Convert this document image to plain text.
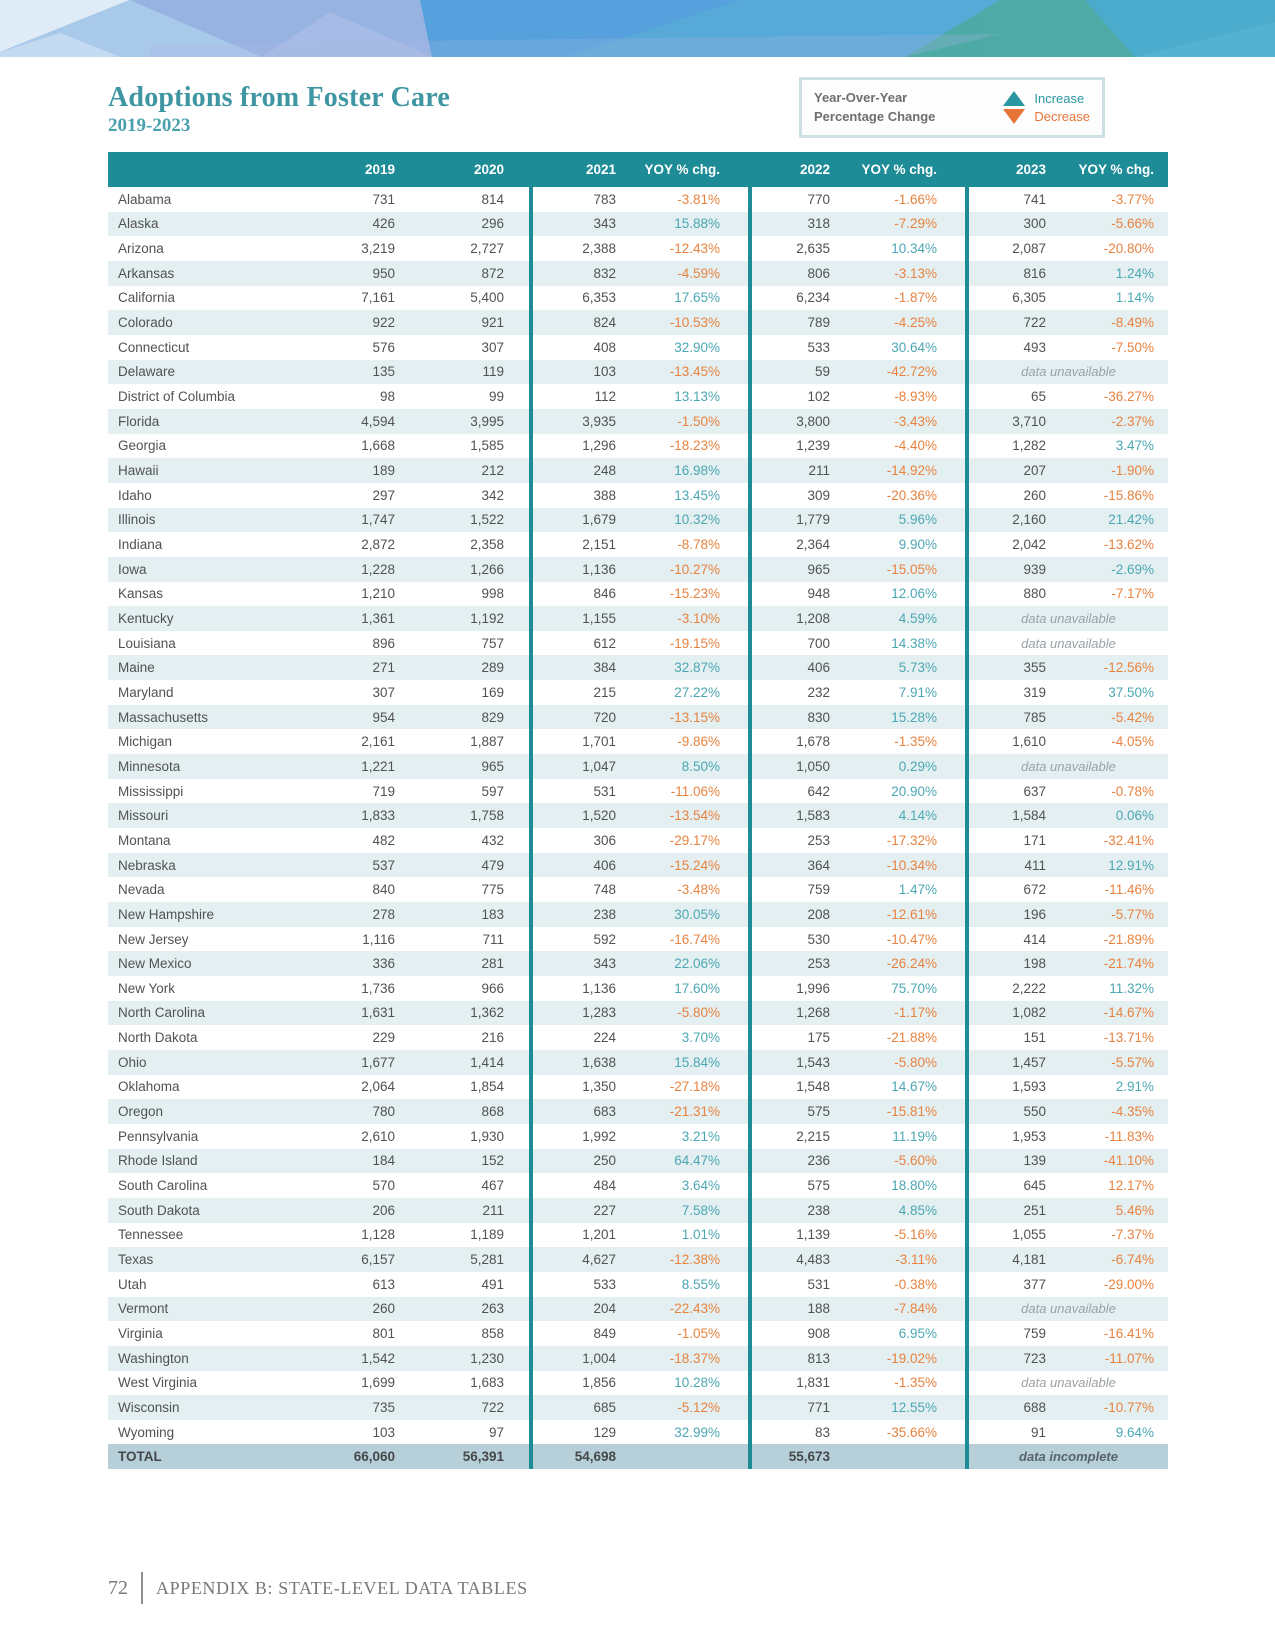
Adoptions from Foster Care
2019-2023
Year-Over-Year
Percentage Change
Increase
Decrease
	2019	2020	2021	YOY % chg.	2022	YOY % chg.	2023	YOY % chg.
Alabama	731	814	783	-3.81%	770	-1.66%	741	-3.77%
Alaska	426	296	343	15.88%	318	-7.29%	300	-5.66%
Arizona	3,219	2,727	2,388	-12.43%	2,635	10.34%	2,087	-20.80%
Arkansas	950	872	832	-4.59%	806	-3.13%	816	1.24%
California	7,161	5,400	6,353	17.65%	6,234	-1.87%	6,305	1.14%
Colorado	922	921	824	-10.53%	789	-4.25%	722	-8.49%
Connecticut	576	307	408	32.90%	533	30.64%	493	-7.50%
Delaware	135	119	103	-13.45%	59	-42.72%	data unavailable	
District of Columbia	98	99	112	13.13%	102	-8.93%	65	-36.27%
Florida	4,594	3,995	3,935	-1.50%	3,800	-3.43%	3,710	-2.37%
Georgia	1,668	1,585	1,296	-18.23%	1,239	-4.40%	1,282	3.47%
Hawaii	189	212	248	16.98%	211	-14.92%	207	-1.90%
Idaho	297	342	388	13.45%	309	-20.36%	260	-15.86%
Illinois	1,747	1,522	1,679	10.32%	1,779	5.96%	2,160	21.42%
Indiana	2,872	2,358	2,151	-8.78%	2,364	9.90%	2,042	-13.62%
Iowa	1,228	1,266	1,136	-10.27%	965	-15.05%	939	-2.69%
Kansas	1,210	998	846	-15.23%	948	12.06%	880	-7.17%
Kentucky	1,361	1,192	1,155	-3.10%	1,208	4.59%	data unavailable	
Louisiana	896	757	612	-19.15%	700	14.38%	data unavailable	
Maine	271	289	384	32.87%	406	5.73%	355	-12.56%
Maryland	307	169	215	27.22%	232	7.91%	319	37.50%
Massachusetts	954	829	720	-13.15%	830	15.28%	785	-5.42%
Michigan	2,161	1,887	1,701	-9.86%	1,678	-1.35%	1,610	-4.05%
Minnesota	1,221	965	1,047	8.50%	1,050	0.29%	data unavailable	
Mississippi	719	597	531	-11.06%	642	20.90%	637	-0.78%
Missouri	1,833	1,758	1,520	-13.54%	1,583	4.14%	1,584	0.06%
Montana	482	432	306	-29.17%	253	-17.32%	171	-32.41%
Nebraska	537	479	406	-15.24%	364	-10.34%	411	12.91%
Nevada	840	775	748	-3.48%	759	1.47%	672	-11.46%
New Hampshire	278	183	238	30.05%	208	-12.61%	196	-5.77%
New Jersey	1,116	711	592	-16.74%	530	-10.47%	414	-21.89%
New Mexico	336	281	343	22.06%	253	-26.24%	198	-21.74%
New York	1,736	966	1,136	17.60%	1,996	75.70%	2,222	11.32%
North Carolina	1,631	1,362	1,283	-5.80%	1,268	-1.17%	1,082	-14.67%
North Dakota	229	216	224	3.70%	175	-21.88%	151	-13.71%
Ohio	1,677	1,414	1,638	15.84%	1,543	-5.80%	1,457	-5.57%
Oklahoma	2,064	1,854	1,350	-27.18%	1,548	14.67%	1,593	2.91%
Oregon	780	868	683	-21.31%	575	-15.81%	550	-4.35%
Pennsylvania	2,610	1,930	1,992	3.21%	2,215	11.19%	1,953	-11.83%
Rhode Island	184	152	250	64.47%	236	-5.60%	139	-41.10%
South Carolina	570	467	484	3.64%	575	18.80%	645	12.17%
South Dakota	206	211	227	7.58%	238	4.85%	251	5.46%
Tennessee	1,128	1,189	1,201	1.01%	1,139	-5.16%	1,055	-7.37%
Texas	6,157	5,281	4,627	-12.38%	4,483	-3.11%	4,181	-6.74%
Utah	613	491	533	8.55%	531	-0.38%	377	-29.00%
Vermont	260	263	204	-22.43%	188	-7.84%	data unavailable	
Virginia	801	858	849	-1.05%	908	6.95%	759	-16.41%
Washington	1,542	1,230	1,004	-18.37%	813	-19.02%	723	-11.07%
West Virginia	1,699	1,683	1,856	10.28%	1,831	-1.35%	data unavailable	
Wisconsin	735	722	685	-5.12%	771	12.55%	688	-10.77%
Wyoming	103	97	129	32.99%	83	-35.66%	91	9.64%
TOTAL	66,060	56,391	54,698		55,673		data incomplete	
72 APPENDIX B: STATE-LEVEL DATA TABLES
